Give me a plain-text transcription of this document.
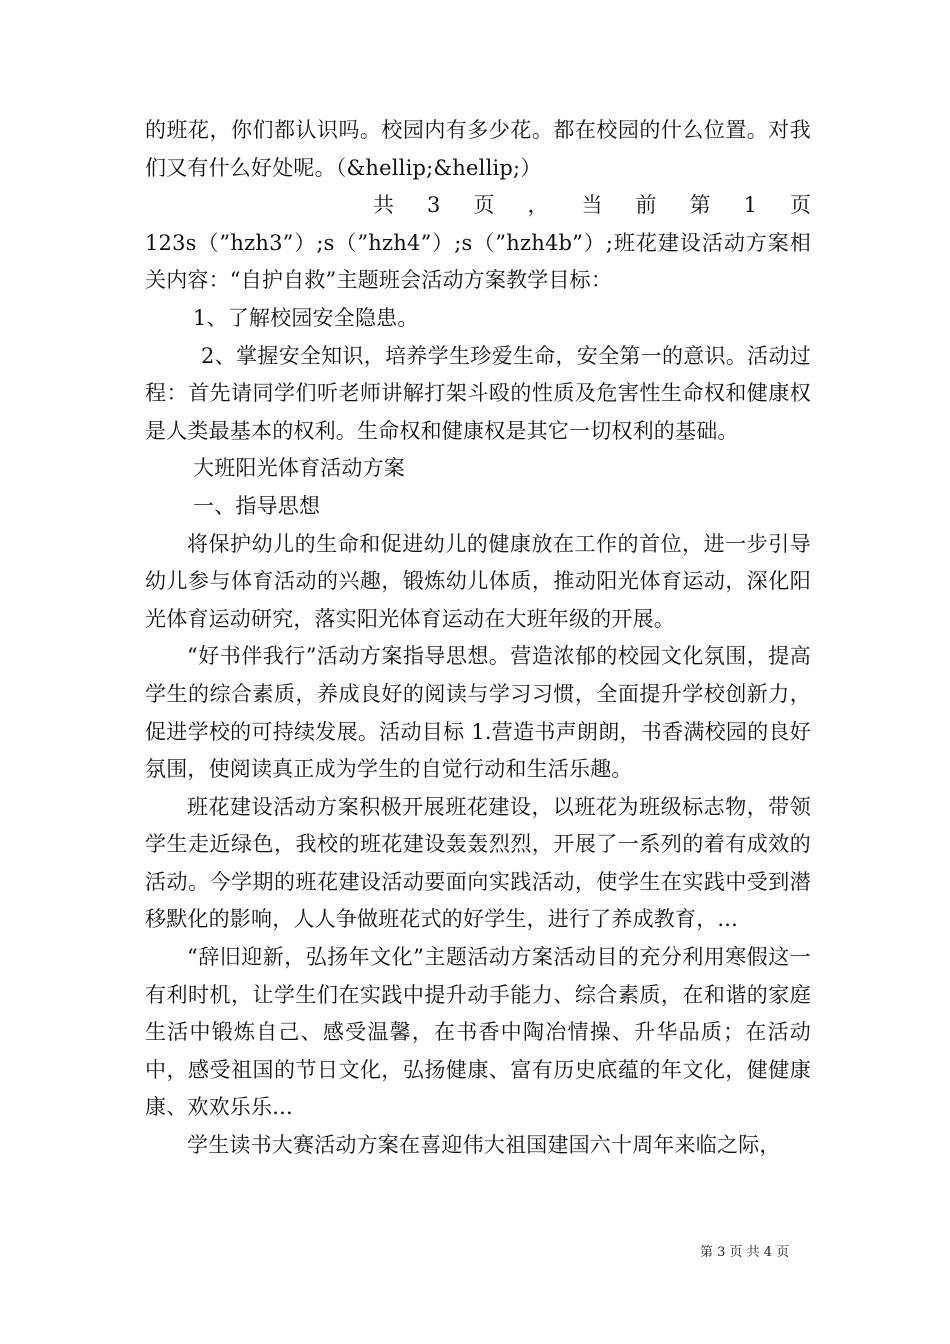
的班花，你们都认识吗。校园内有多少花。都在校园的什么位置。对我们又有什么好处呢。（&hellip;&hellip;）

共 3 页 ， 当 前 第 1 页

123s（”hzh3”）;s（”hzh4”）;s（”hzh4b”）;班花建设活动方案相关内容：“自护自救”主题班会活动方案教学目标：

1、了解校园安全隐患。

2、掌握安全知识，培养学生珍爱生命，安全第一的意识。活动过程：首先请同学们听老师讲解打架斗殴的性质及危害性生命权和健康权是人类最基本的权利。生命权和健康权是其它一切权利的基础。

大班阳光体育活动方案

一、指导思想

将保护幼儿的生命和促进幼儿的健康放在工作的首位，进一步引导幼儿参与体育活动的兴趣，锻炼幼儿体质，推动阳光体育运动，深化阳光体育运动研究，落实阳光体育运动在大班年级的开展。

“好书伴我行”活动方案指导思想。营造浓郁的校园文化氛围，提高学生的综合素质，养成良好的阅读与学习习惯，全面提升学校创新力，促进学校的可持续发展。活动目标 1.营造书声朗朗，书香满校园的良好氛围，使阅读真正成为学生的自觉行动和生活乐趣。

班花建设活动方案积极开展班花建设，以班花为班级标志物，带领学生走近绿色，我校的班花建设轰轰烈烈，开展了一系列的着有成效的活动。今学期的班花建设活动要面向实践活动，使学生在实践中受到潜移默化的影响，人人争做班花式的好学生，进行了养成教育，...

“辞旧迎新，弘扬年文化”主题活动方案活动目的充分利用寒假这一有利时机，让学生们在实践中提升动手能力、综合素质，在和谐的家庭生活中锻炼自己、感受温馨，在书香中陶冶情操、升华品质；在活动中，感受祖国的节日文化，弘扬健康、富有历史底蕴的年文化，健健康康、欢欢乐乐...

学生读书大赛活动方案在喜迎伟大祖国建国六十周年来临之际，

第 3 页 共 4 页
